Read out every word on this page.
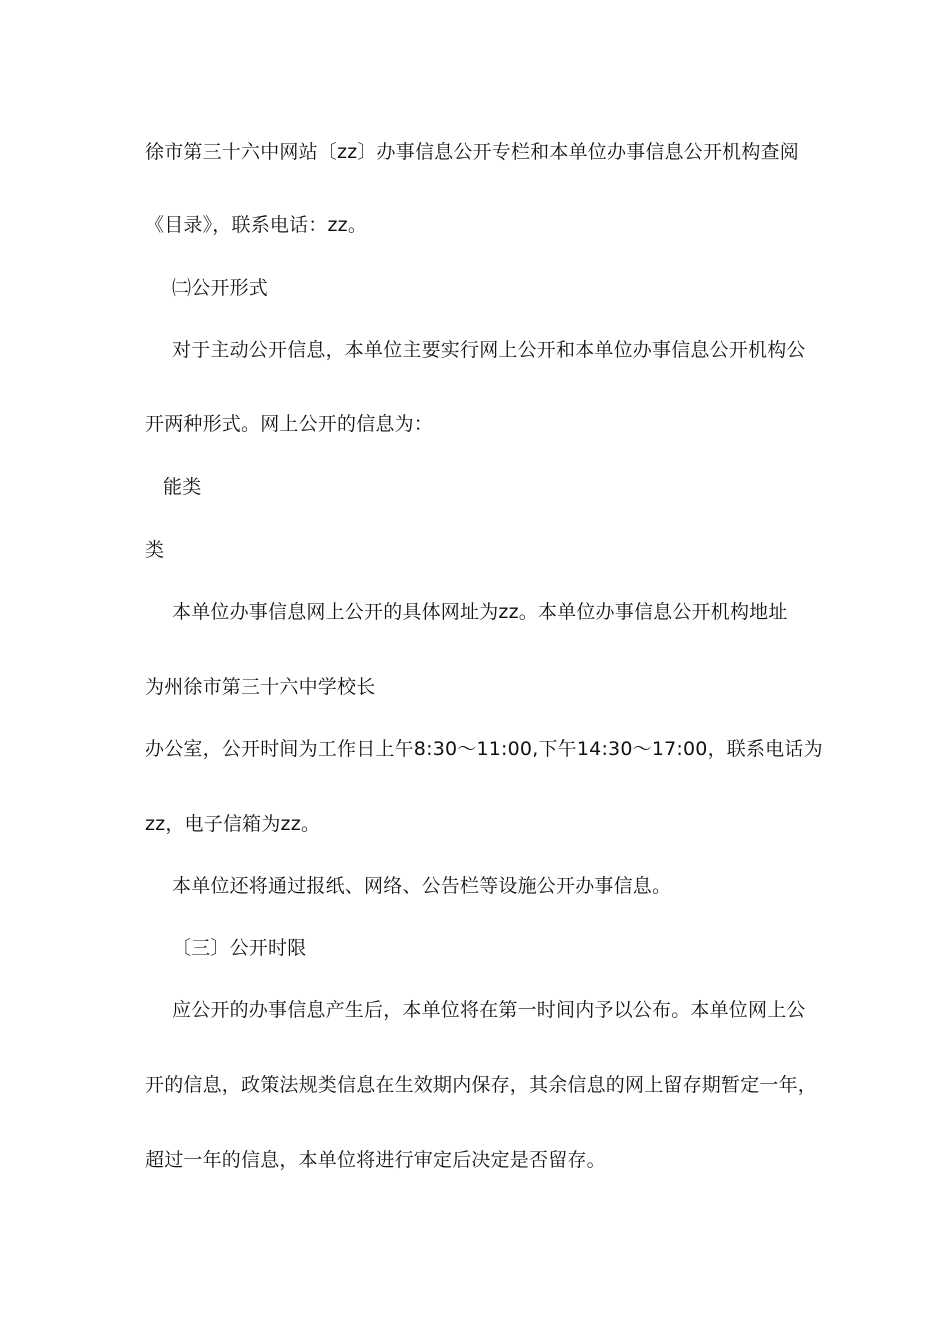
徐市第三十六中网站〔zz〕办事信息公开专栏和本单位办事信息公开机构查阅
《目录》，联系电话：zz。
㈡公开形式
对于主动公开信息，本单位主要实行网上公开和本单位办事信息公开机构公
开两种形式。网上公开的信息为：
能类
类
本单位办事信息网上公开的具体网址为zz。本单位办事信息公开机构地址
为州徐市第三十六中学校长
办公室，公开时间为工作日上午8:30～11:00,下午14:30～17:00，联系电话为
zz，电子信箱为zz。
本单位还将通过报纸、网络、公告栏等设施公开办事信息。
〔三〕公开时限
应公开的办事信息产生后，本单位将在第一时间内予以公布。本单位网上公
开的信息，政策法规类信息在生效期内保存，其余信息的网上留存期暂定一年，
超过一年的信息，本单位将进行审定后决定是否留存。
